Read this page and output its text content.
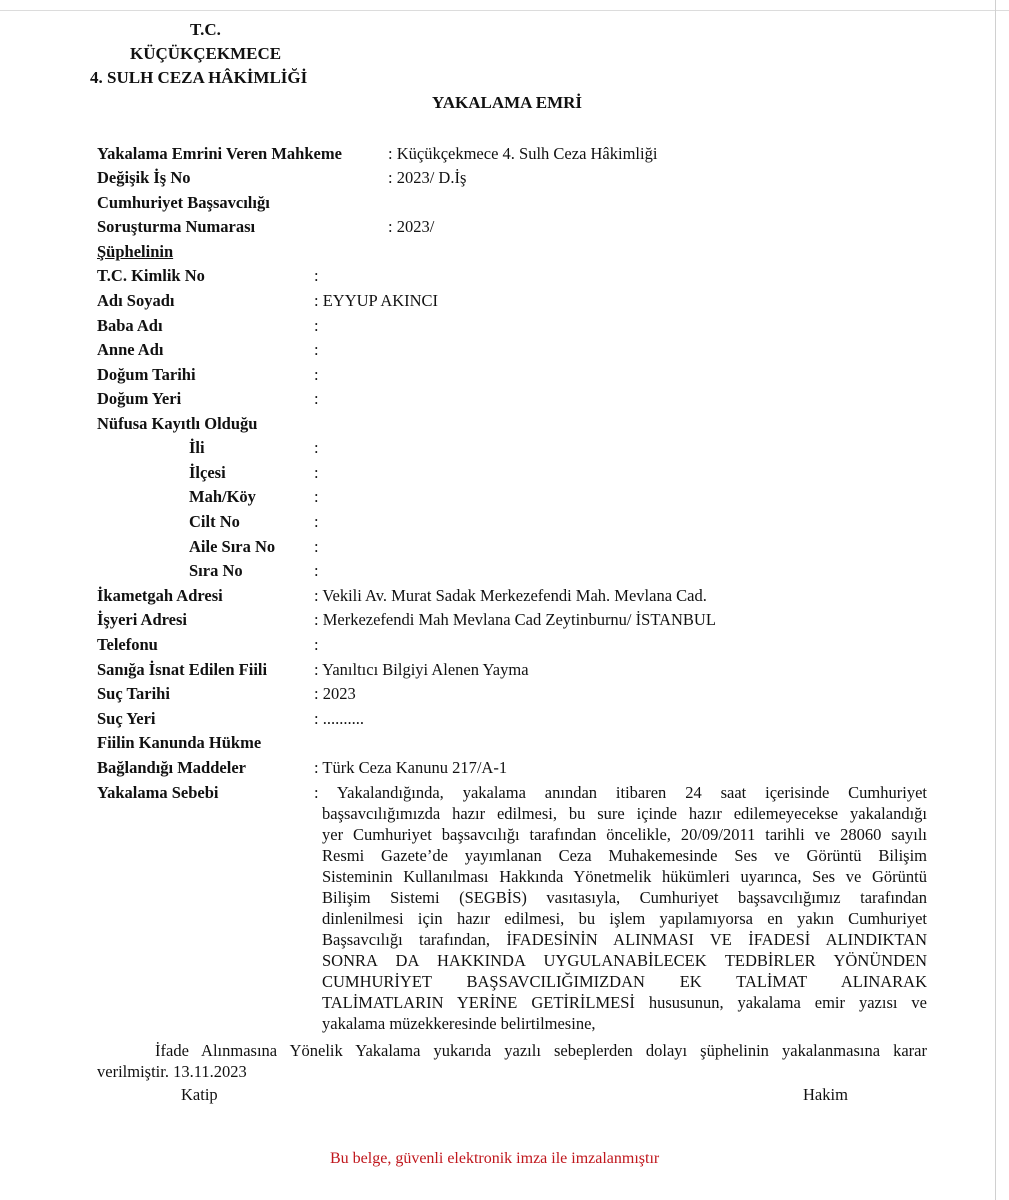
T.C.
KÜÇÜKÇEKMECE
4. SULH CEZA HÂKİMLİĞİ
YAKALAMA EMRİ
Yakalama Emrini Veren Mahkeme	: Küçükçekmece 4. Sulh Ceza Hâkimliği
Değişik İş No	: 2023/ D.İş
Cumhuriyet Başsavcılığı
Soruşturma Numarası	: 2023/
Şüphelinin
T.C. Kimlik No	:
Adı Soyadı	: EYYUP AKINCI
Baba Adı	:
Anne Adı	:
Doğum Tarihi	:
Doğum Yeri	:
Nüfusa Kayıtlı Olduğu
İli	:
İlçesi	:
Mah/Köy	:
Cilt No	:
Aile Sıra No :
Sıra No	:
İkametgah Adresi	: Vekili Av. Murat Sadak Merkezefendi Mah. Mevlana Cad.
İşyeri Adresi	: Merkezefendi Mah Mevlana Cad Zeytinburnu/ İSTANBUL
Telefonu	:
Sanığa İsnat Edilen Fiili	: Yanıltıcı Bilgiyi Alenen Yayma
Suç Tarihi	: 2023
Suç Yeri	: ..........
Fiilin Kanunda Hükme
Bağlandığı Maddeler	: Türk Ceza Kanunu 217/A-1
Yakalama Sebebi	: Yakalandığında, yakalama anından itibaren 24 saat içerisinde Cumhuriyet
başsavcılığımızda hazır edilmesi, bu sure içinde hazır edilemeyecekse yakalandığı
yer Cumhuriyet başsavcılığı tarafından öncelikle, 20/09/2011 tarihli ve 28060 sayılı
Resmi Gazete’de yayımlanan Ceza Muhakemesinde Ses ve Görüntü Bilişim
Sisteminin Kullanılması Hakkında Yönetmelik hükümleri uyarınca, Ses ve Görüntü
Bilişim Sistemi (SEGBİS) vasıtasıyla, Cumhuriyet başsavcılığımız tarafından
dinlenilmesi için hazır edilmesi, bu işlem yapılamıyorsa en yakın Cumhuriyet
Başsavcılığı tarafından, İFADESİNİN ALINMASI VE İFADESİ ALINDIKTAN
SONRA DA HAKKINDA UYGULANABİLECEK TEDBİRLER YÖNÜNDEN
CUMHURİYET BAŞSAVCILIĞIMIZDAN EK TALİMAT ALINARAK
TALİMATLARIN YERİNE GETİRİLMESİ hususunun, yakalama emir yazısı ve
yakalama müzekkeresinde belirtilmesine,
İfade Alınmasına Yönelik Yakalama yukarıda yazılı sebeplerden dolayı şüphelinin yakalanmasına karar
verilmiştir. 13.11.2023
Katip	Hakim
Bu belge, güvenli elektronik imza ile imzalanmıştır
